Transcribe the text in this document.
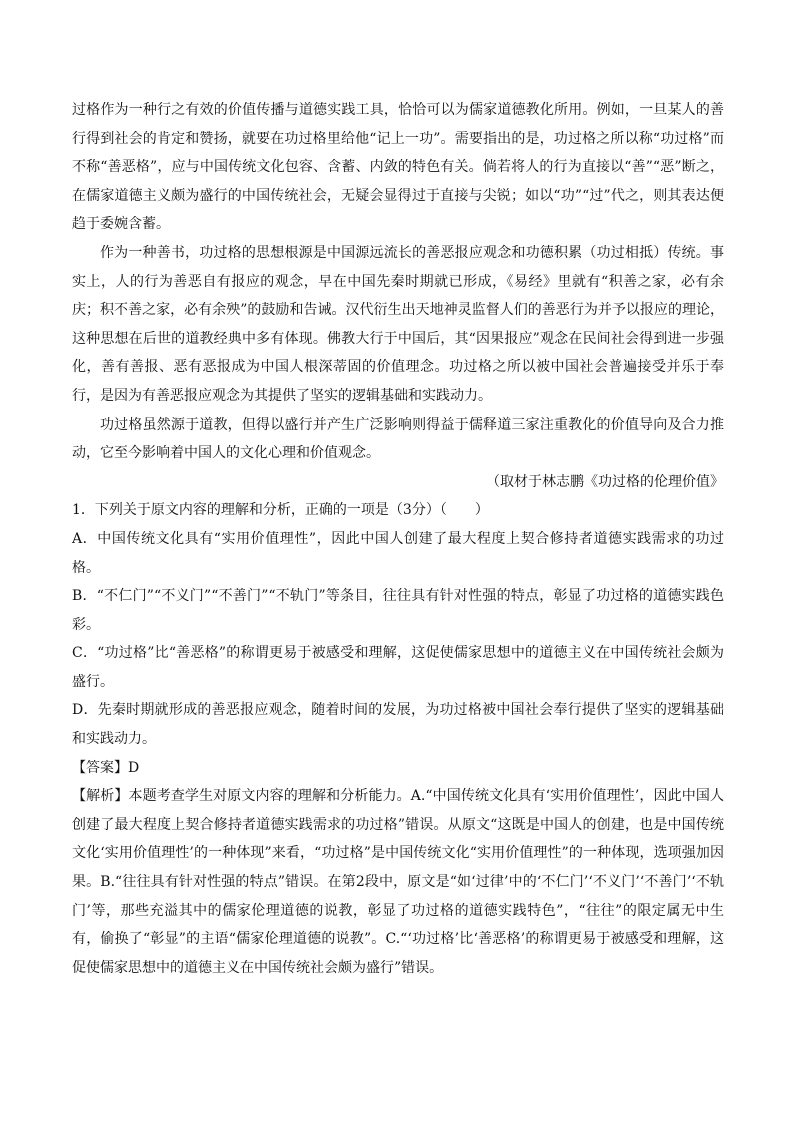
过格作为一种行之有效的价值传播与道德实践工具，恰恰可以为儒家道德教化所用。例如，一旦某人的善行得到社会的肯定和赞扬，就要在功过格里给他“记上一功”。需要指出的是，功过格之所以称“功过格”而不称“善恶格”，应与中国传统文化包容、含蓄、内敛的特色有关。倘若将人的行为直接以“善”“恶”断之，在儒家道德主义颇为盛行的中国传统社会，无疑会显得过于直接与尖锐；如以“功”“过”代之，则其表达便趋于委婉含蓄。

作为一种善书，功过格的思想根源是中国源远流长的善恶报应观念和功德积累（功过相抵）传统。事实上，人的行为善恶自有报应的观念，早在中国先秦时期就已形成，《易经》里就有“积善之家，必有余庆；积不善之家，必有余殃”的鼓励和告诫。汉代衍生出天地神灵监督人们的善恶行为并予以报应的理论，这种思想在后世的道教经典中多有体现。佛教大行于中国后，其“因果报应”观念在民间社会得到进一步强化，善有善报、恶有恶报成为中国人根深蒂固的价值理念。功过格之所以被中国社会普遍接受并乐于奉行，是因为有善恶报应观念为其提供了坚实的逻辑基础和实践动力。

功过格虽然源于道教，但得以盛行并产生广泛影响则得益于儒释道三家注重教化的价值导向及合力推动，它至今影响着中国人的文化心理和价值观念。

（取材于林志鹏《功过格的伦理价值》

1．下列关于原文内容的理解和分析，正确的一项是（3分）（　　）

A．中国传统文化具有“实用价值理性”，因此中国人创建了最大程度上契合修持者道德实践需求的功过格。

B．“不仁门”“不义门”“不善门”“不轨门”等条目，往往具有针对性强的特点，彰显了功过格的道德实践色彩。

C．“功过格”比“善恶格”的称谓更易于被感受和理解，这促使儒家思想中的道德主义在中国传统社会颇为盛行。

D．先秦时期就形成的善恶报应观念，随着时间的发展，为功过格被中国社会奉行提供了坚实的逻辑基础和实践动力。

【答案】D

【解析】本题考查学生对原文内容的理解和分析能力。A.“中国传统文化具有‘实用价值理性’，因此中国人创建了最大程度上契合修持者道德实践需求的功过格”错误。从原文“这既是中国人的创建，也是中国传统文化‘实用价值理性’的一种体现”来看，“功过格”是中国传统文化“实用价值理性”的一种体现，选项强加因果。B.“往往具有针对性强的特点”错误。在第2段中，原文是“如‘过律’中的‘不仁门’‘不义门’‘不善门’‘不轨门’等，那些充溢其中的儒家伦理道德的说教，彰显了功过格的道德实践特色”，“往往”的限定属无中生有，偷换了“彰显”的主语“儒家伦理道德的说教”。C.“‘功过格’比‘善恶格’的称谓更易于被感受和理解，这促使儒家思想中的道德主义在中国传统社会颇为盛行”错误。
